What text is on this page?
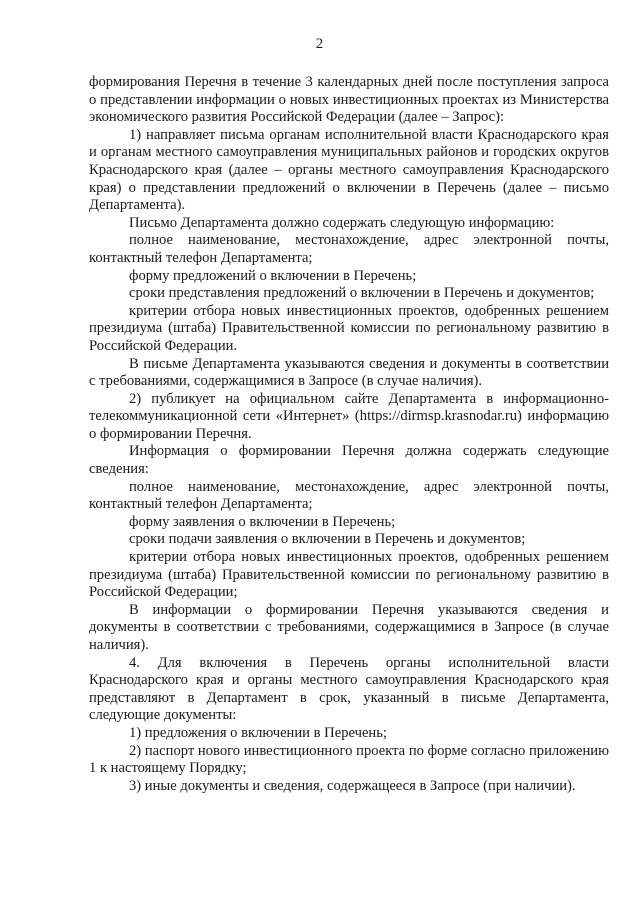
2

формирования Перечня в течение 3 календарных дней после поступления запроса о представлении информации о новых инвестиционных проектах из Министерства экономического развития Российской Федерации (далее – Запрос):

1) направляет письма органам исполнительной власти Краснодарского края и органам местного самоуправления муниципальных районов и городских округов Краснодарского края (далее – органы местного самоуправления Краснодарского края) о представлении предложений о включении в Перечень (далее – письмо Департамента).

Письмо Департамента должно содержать следующую информацию:

полное наименование, местонахождение, адрес электронной почты, контактный телефон Департамента;

форму предложений о включении в Перечень;

сроки представления предложений о включении в Перечень и документов;

критерии отбора новых инвестиционных проектов, одобренных решением президиума (штаба) Правительственной комиссии по региональному развитию в Российской Федерации.

В письме Департамента указываются сведения и документы в соответствии с требованиями, содержащимися в Запросе (в случае наличия).

2) публикует на официальном сайте Департамента в информационно-телекоммуникационной сети «Интернет» (https://dirmsp.krasnodar.ru) информацию о формировании Перечня.

Информация о формировании Перечня должна содержать следующие сведения:

полное наименование, местонахождение, адрес электронной почты, контактный телефон Департамента;

форму заявления о включении в Перечень;

сроки подачи заявления о включении в Перечень и документов;

критерии отбора новых инвестиционных проектов, одобренных решением президиума (штаба) Правительственной комиссии по региональному развитию в Российской Федерации;

В информации о формировании Перечня указываются сведения и документы в соответствии с требованиями, содержащимися в Запросе (в случае наличия).

4. Для включения в Перечень органы исполнительной власти Краснодарского края и органы местного самоуправления Краснодарского края представляют в Департамент в срок, указанный в письме Департамента, следующие документы:

1) предложения о включении в Перечень;

2) паспорт нового инвестиционного проекта по форме согласно приложению 1 к настоящему Порядку;

3) иные документы и сведения, содержащееся в Запросе (при наличии).
